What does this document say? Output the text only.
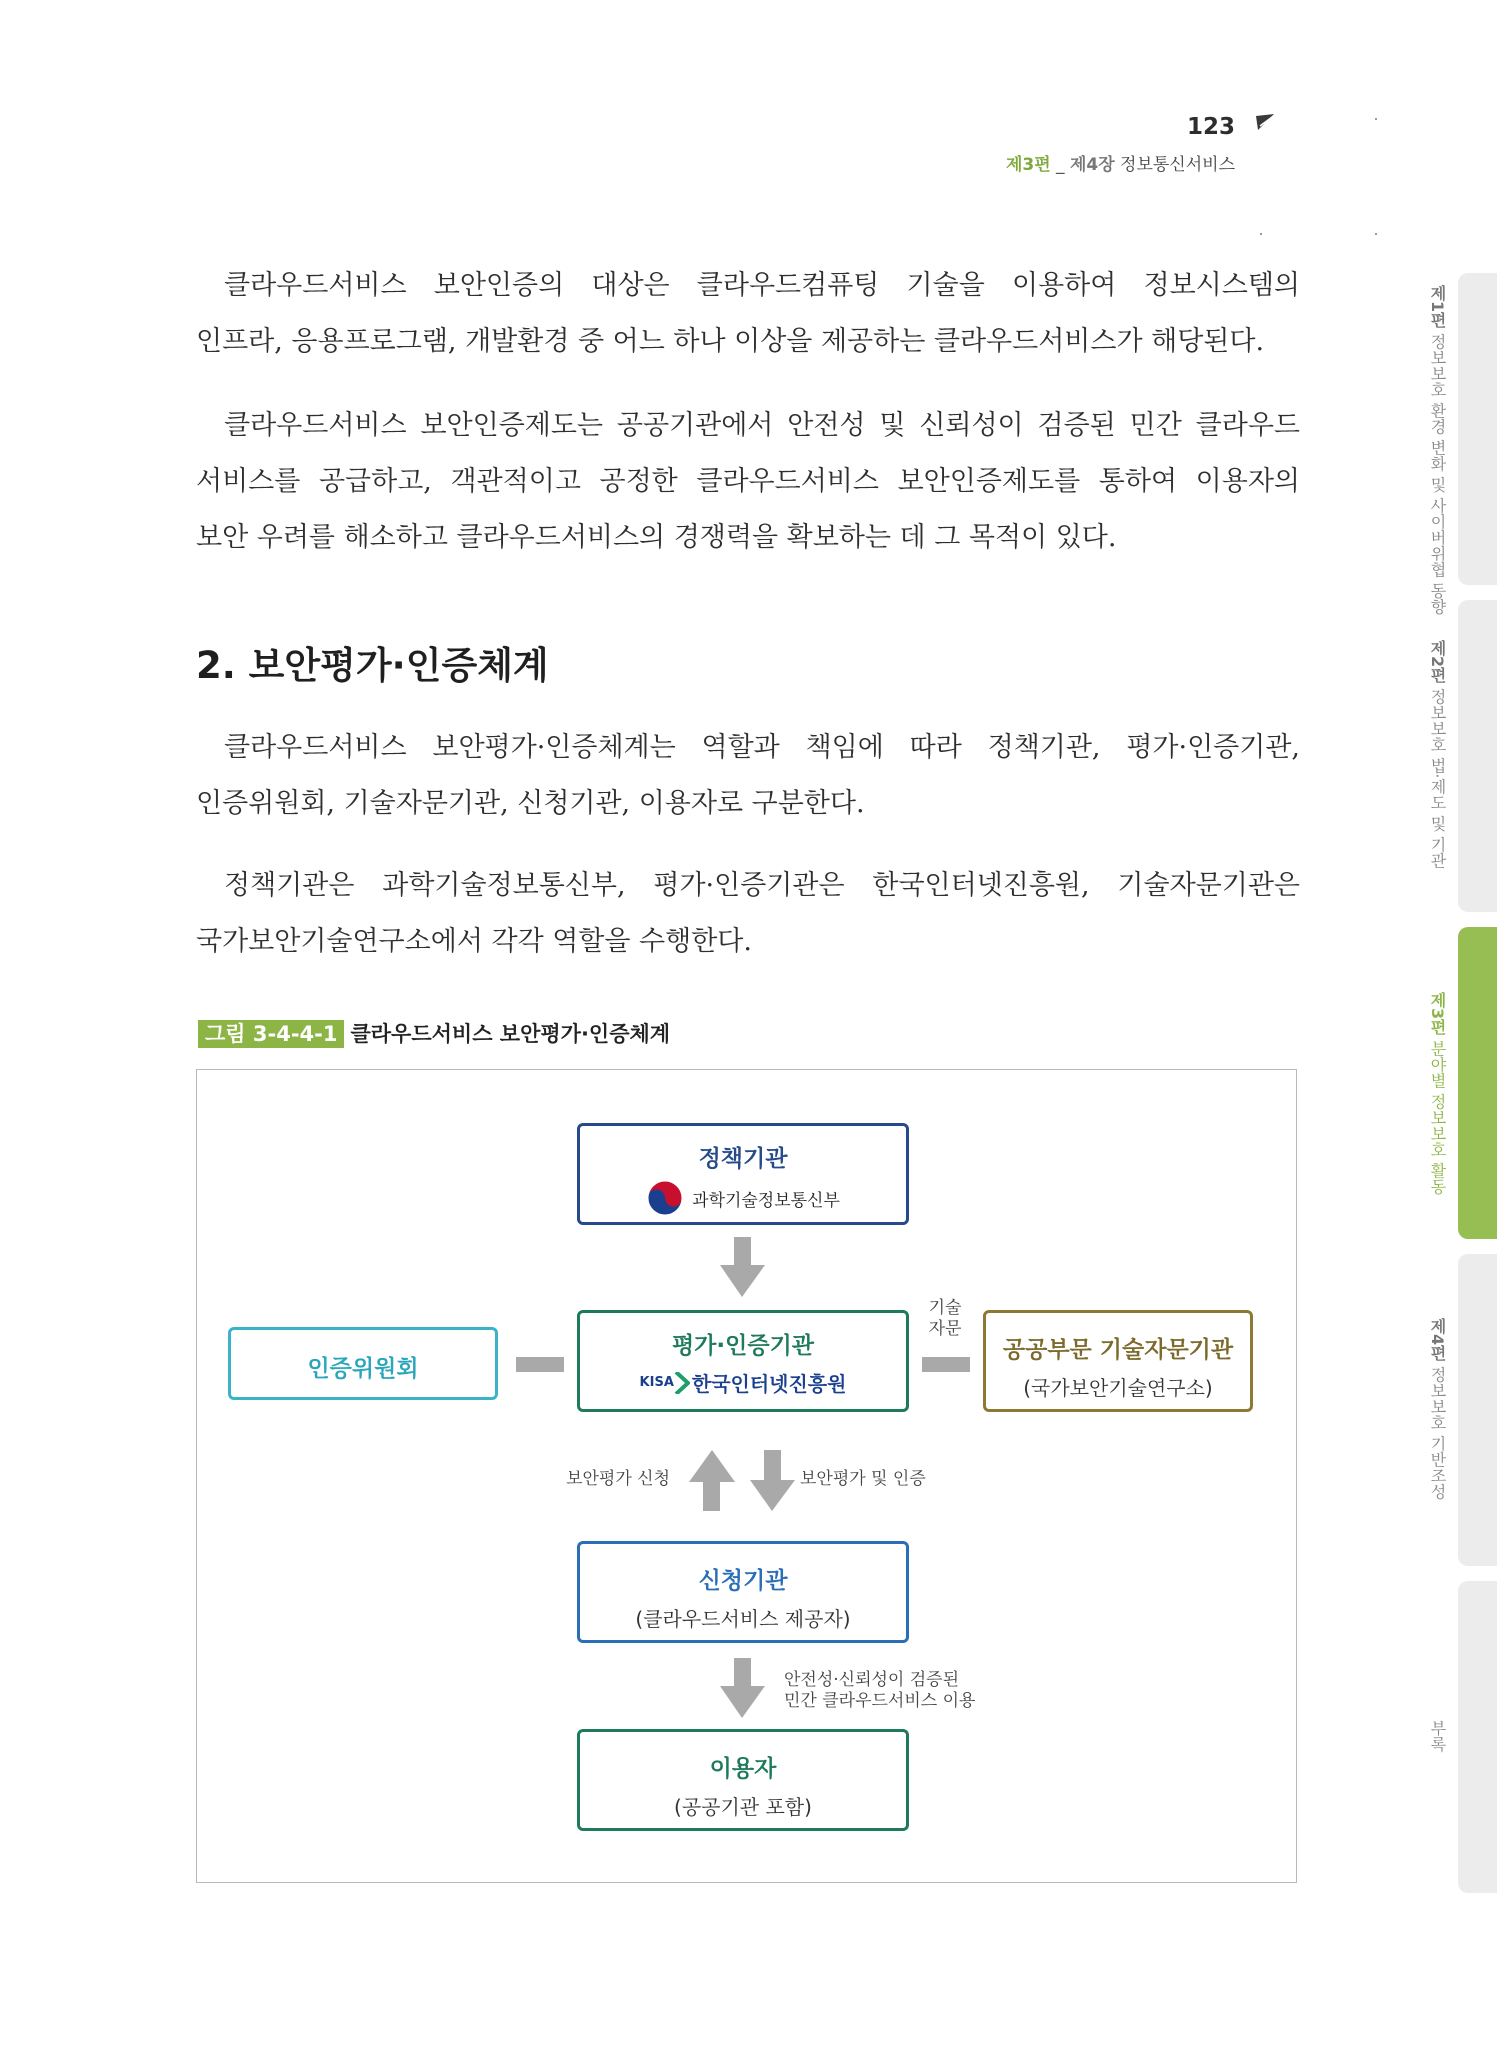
123
제3편 _ 제4장 정보통신서비스
클라우드서비스 보안인증의 대상은 클라우드컴퓨팅 기술을 이용하여 정보시스템의
인프라, 응용프로그램, 개발환경 중 어느 하나 이상을 제공하는 클라우드서비스가 해당된다.
클라우드서비스 보안인증제도는 공공기관에서 안전성 및 신뢰성이 검증된 민간 클라우드
서비스를 공급하고, 객관적이고 공정한 클라우드서비스 보안인증제도를 통하여 이용자의
보안 우려를 해소하고 클라우드서비스의 경쟁력을 확보하는 데 그 목적이 있다.
2. 보안평가·인증체계
클라우드서비스 보안평가·인증체계는 역할과 책임에 따라 정책기관, 평가·인증기관,
인증위원회, 기술자문기관, 신청기관, 이용자로 구분한다.
정책기관은 과학기술정보통신부, 평가·인증기관은 한국인터넷진흥원, 기술자문기관은
국가보안기술연구소에서 각각 역할을 수행한다.
그림 3-4-4-1 클라우드서비스 보안평가·인증체계
정책기관
과학기술정보통신부
인증위원회
평가·인증기관
KISA 한국인터넷진흥원
기술
자문
공공부문 기술자문기관
(국가보안기술연구소)
보안평가 신청	보안평가 및 인증
신청기관
(클라우드서비스 제공자)
안전성·신뢰성이 검증된
민간 클라우드서비스 이용
이용자
(공공기관 포함)
제1편 정보보호 환경 변화 및 사이버위협 동향
제2편 정보보호 법·제도 및 기관
제3편 분야별 정보보호 활동
제4편 정보보호 기반조성
부록
